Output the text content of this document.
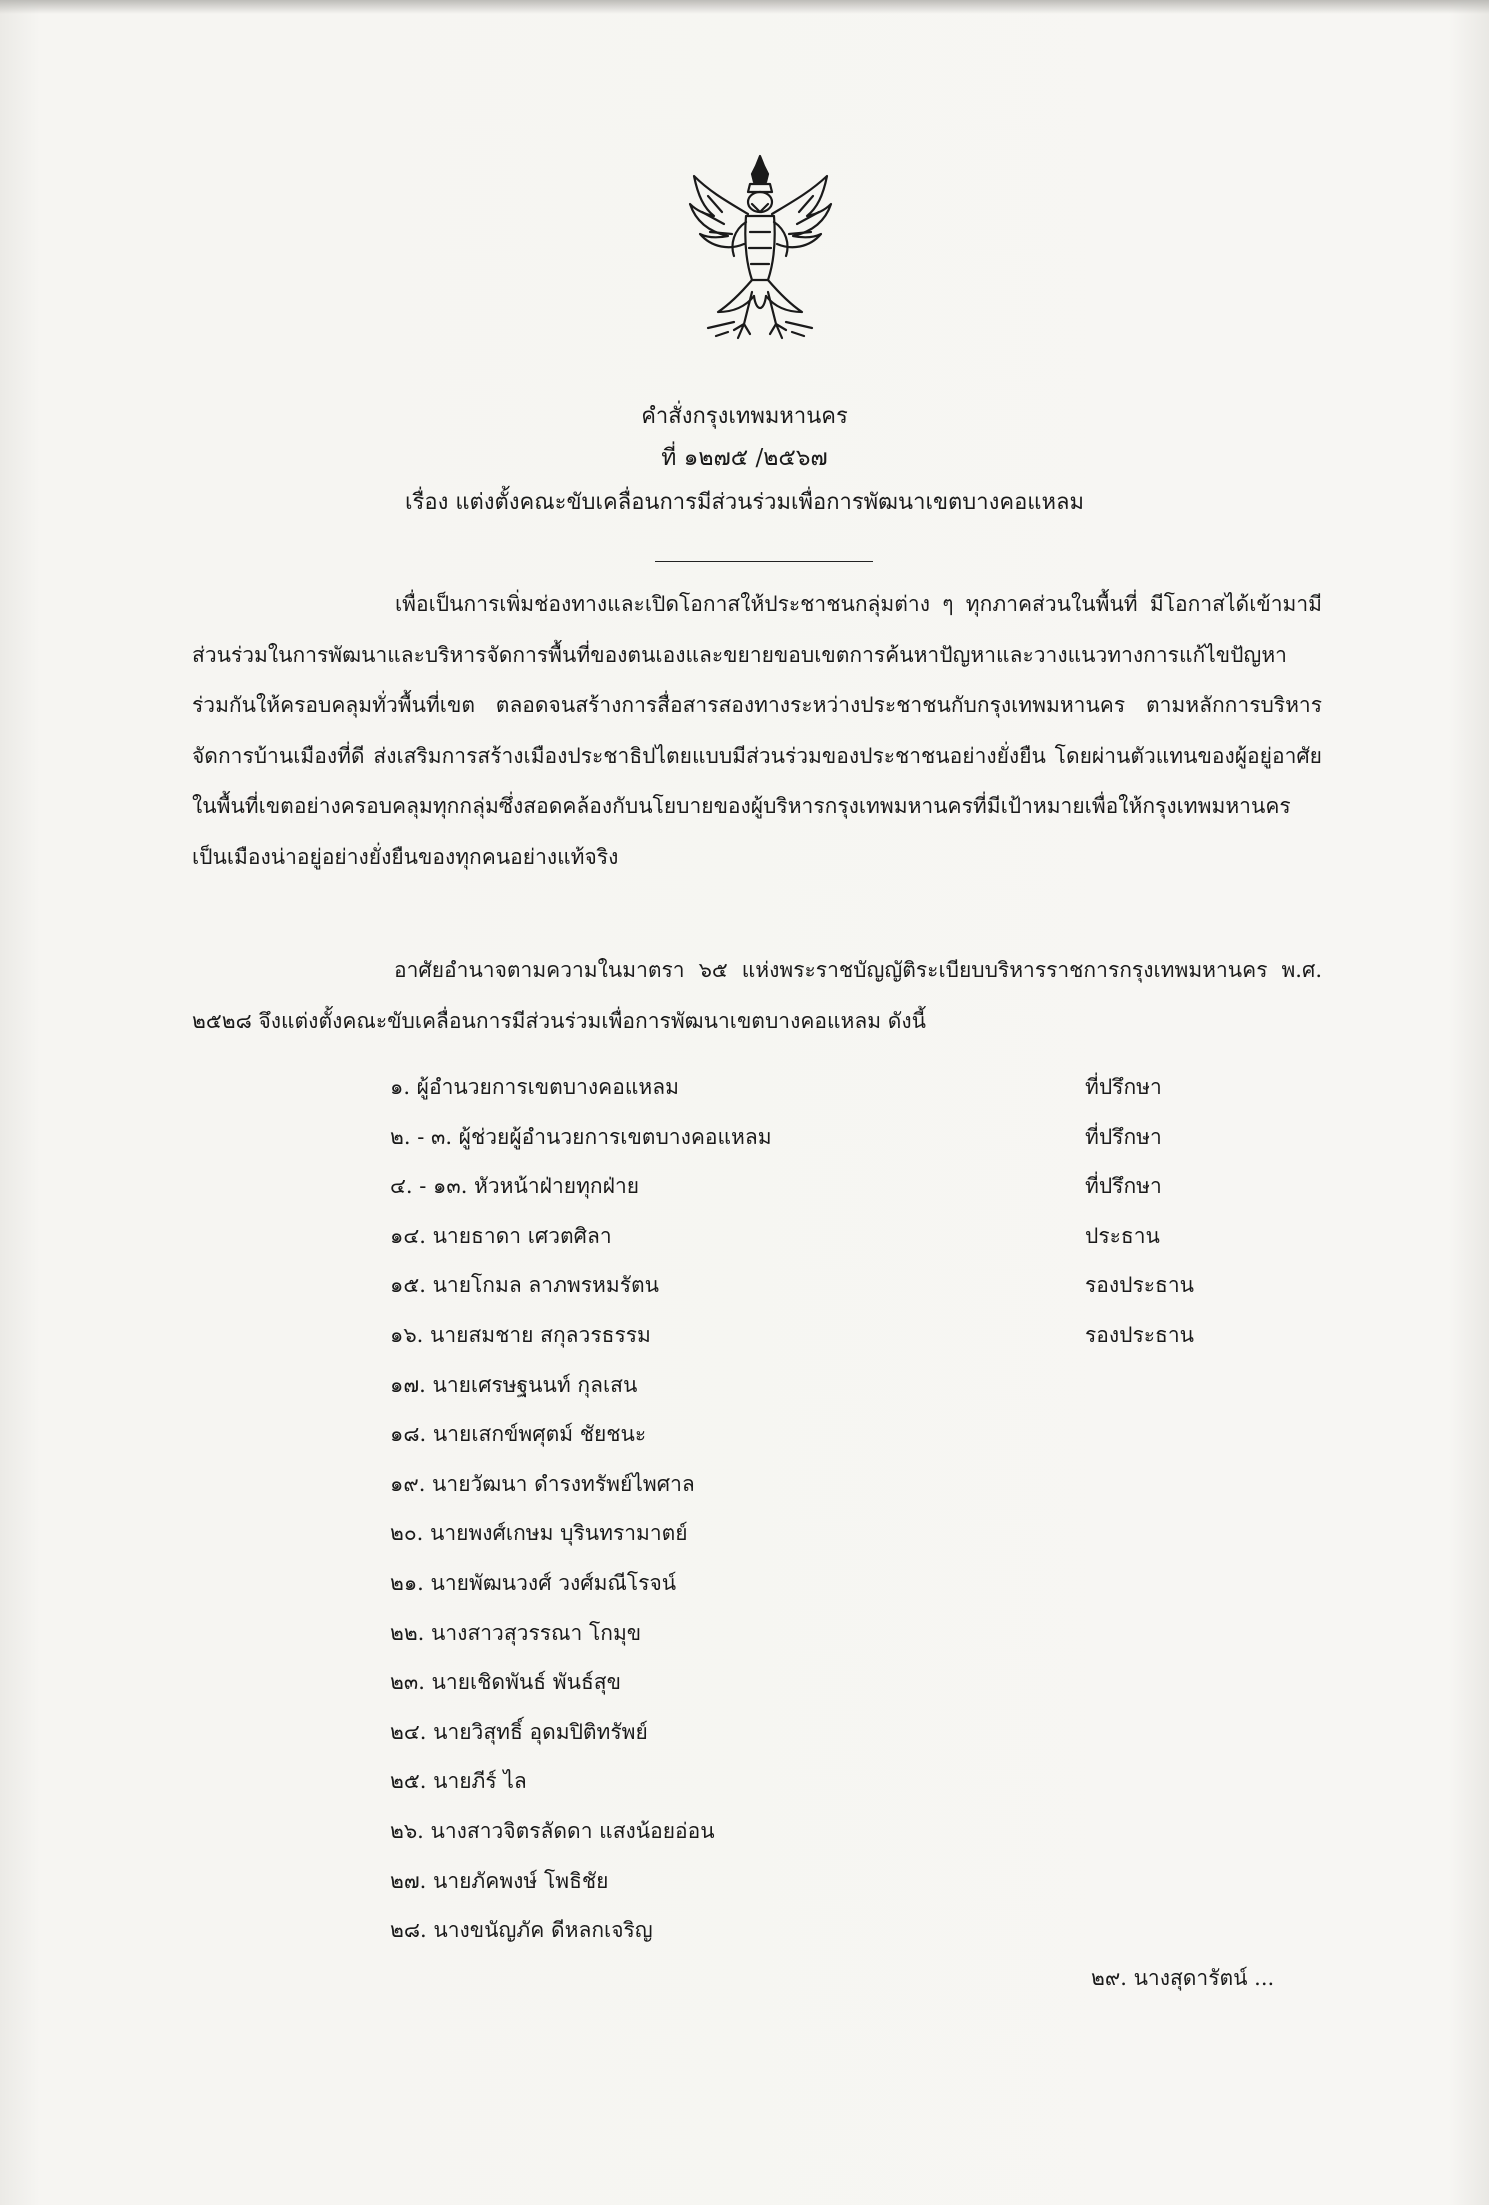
คำสั่งกรุงเทพมหานคร
ที่ ๑๒๗๕ /๒๕๖๗
เรื่อง แต่งตั้งคณะขับเคลื่อนการมีส่วนร่วมเพื่อการพัฒนาเขตบางคอแหลม

เพื่อเป็นการเพิ่มช่องทางและเปิดโอกาสให้ประชาชนกลุ่มต่าง ๆ ทุกภาคส่วนในพื้นที่ มีโอกาสได้เข้ามามีส่วนร่วมในการพัฒนาและบริหารจัดการพื้นที่ของตนเองและขยายขอบเขตการค้นหาปัญหาและวางแนวทางการแก้ไขปัญหาร่วมกันให้ครอบคลุมทั่วพื้นที่เขต ตลอดจนสร้างการสื่อสารสองทางระหว่างประชาชนกับกรุงเทพมหานคร ตามหลักการบริหารจัดการบ้านเมืองที่ดี ส่งเสริมการสร้างเมืองประชาธิปไตยแบบมีส่วนร่วมของประชาชนอย่างยั่งยืน โดยผ่านตัวแทนของผู้อยู่อาศัยในพื้นที่เขตอย่างครอบคลุมทุกกลุ่มซึ่งสอดคล้องกับนโยบายของผู้บริหารกรุงเทพมหานครที่มีเป้าหมายเพื่อให้กรุงเทพมหานครเป็นเมืองน่าอยู่อย่างยั่งยืนของทุกคนอย่างแท้จริง

อาศัยอำนาจตามความในมาตรา ๖๕ แห่งพระราชบัญญัติระเบียบบริหารราชการกรุงเทพมหานคร พ.ศ. ๒๕๒๘ จึงแต่งตั้งคณะขับเคลื่อนการมีส่วนร่วมเพื่อการพัฒนาเขตบางคอแหลม ดังนี้

๑. ผู้อำนวยการเขตบางคอแหลม	ที่ปรึกษา
๒. - ๓. ผู้ช่วยผู้อำนวยการเขตบางคอแหลม	ที่ปรึกษา
๔. - ๑๓. หัวหน้าฝ่ายทุกฝ่าย	ที่ปรึกษา
๑๔. นายธาดา เศวตศิลา	ประธาน
๑๕. นายโกมล ลาภพรหมรัตน	รองประธาน
๑๖. นายสมชาย สกุลวรธรรม	รองประธาน
๑๗. นายเศรษฐนนท์ กุลเสน
๑๘. นายเสกข์พศุตม์ ชัยชนะ
๑๙. นายวัฒนา ดำรงทรัพย์ไพศาล
๒๐. นายพงศ์เกษม บุรินทรามาตย์
๒๑. นายพัฒนวงศ์ วงศ์มณีโรจน์
๒๒. นางสาวสุวรรณา โกมุข
๒๓. นายเชิดพันธ์ พันธ์สุข
๒๔. นายวิสุทธิ์ อุดมปิติทรัพย์
๒๕. นายภีร์ ไล
๒๖. นางสาวจิตรลัดดา แสงน้อยอ่อน
๒๗. นายภัคพงษ์ โพธิชัย
๒๘. นางขนัญภัค ดีหลกเจริญ
๒๙. นางสุดารัตน์ ...
